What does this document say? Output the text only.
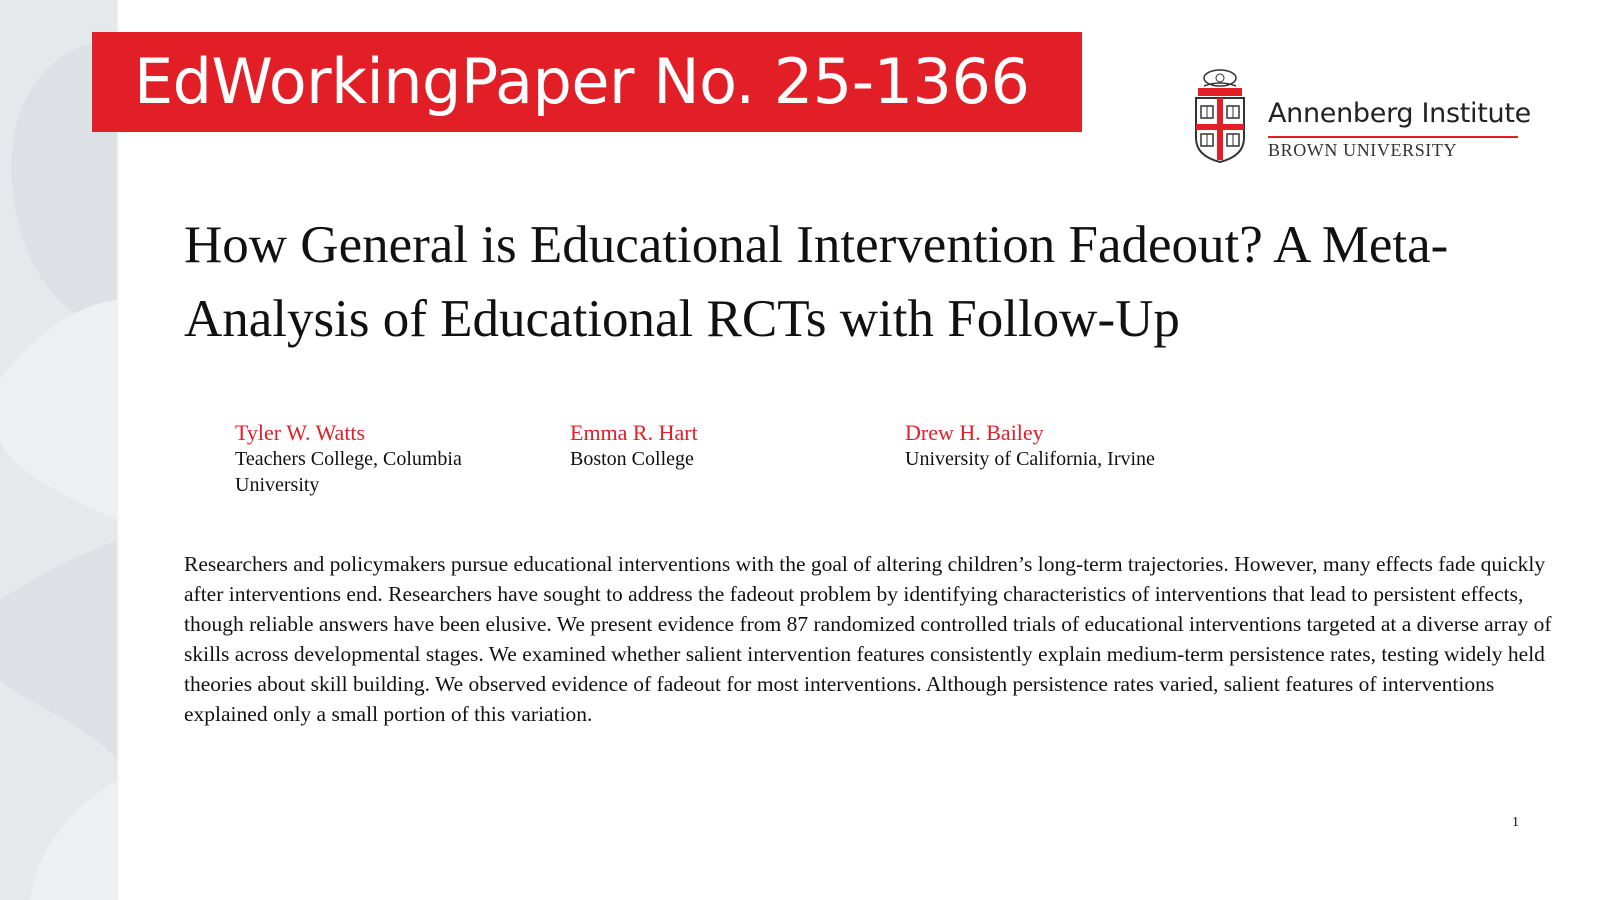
EdWorkingPaper No. 25-1366	Annenberg Institute
BROWN UNIVERSITY
How General is Educational Intervention Fadeout? A Meta-Analysis of Educational RCTs with Follow-Up
Tyler W. Watts
Teachers College, Columbia University
Emma R. Hart
Boston College
Drew H. Bailey
University of California, Irvine

Researchers and policymakers pursue educational interventions with the goal of altering children’s long-term trajectories. However, many effects fade quickly after interventions end. Researchers have sought to address the fadeout problem by identifying characteristics of interventions that lead to persistent effects, though reliable answers have been elusive. We present evidence from 87 randomized controlled trials of educational interventions targeted at a diverse array of skills across developmental stages. We examined whether salient intervention features consistently explain medium-term persistence rates, testing widely held theories about skill building. We observed evidence of fadeout for most interventions. Although persistence rates varied, salient features of interventions explained only a small portion of this variation.

1
